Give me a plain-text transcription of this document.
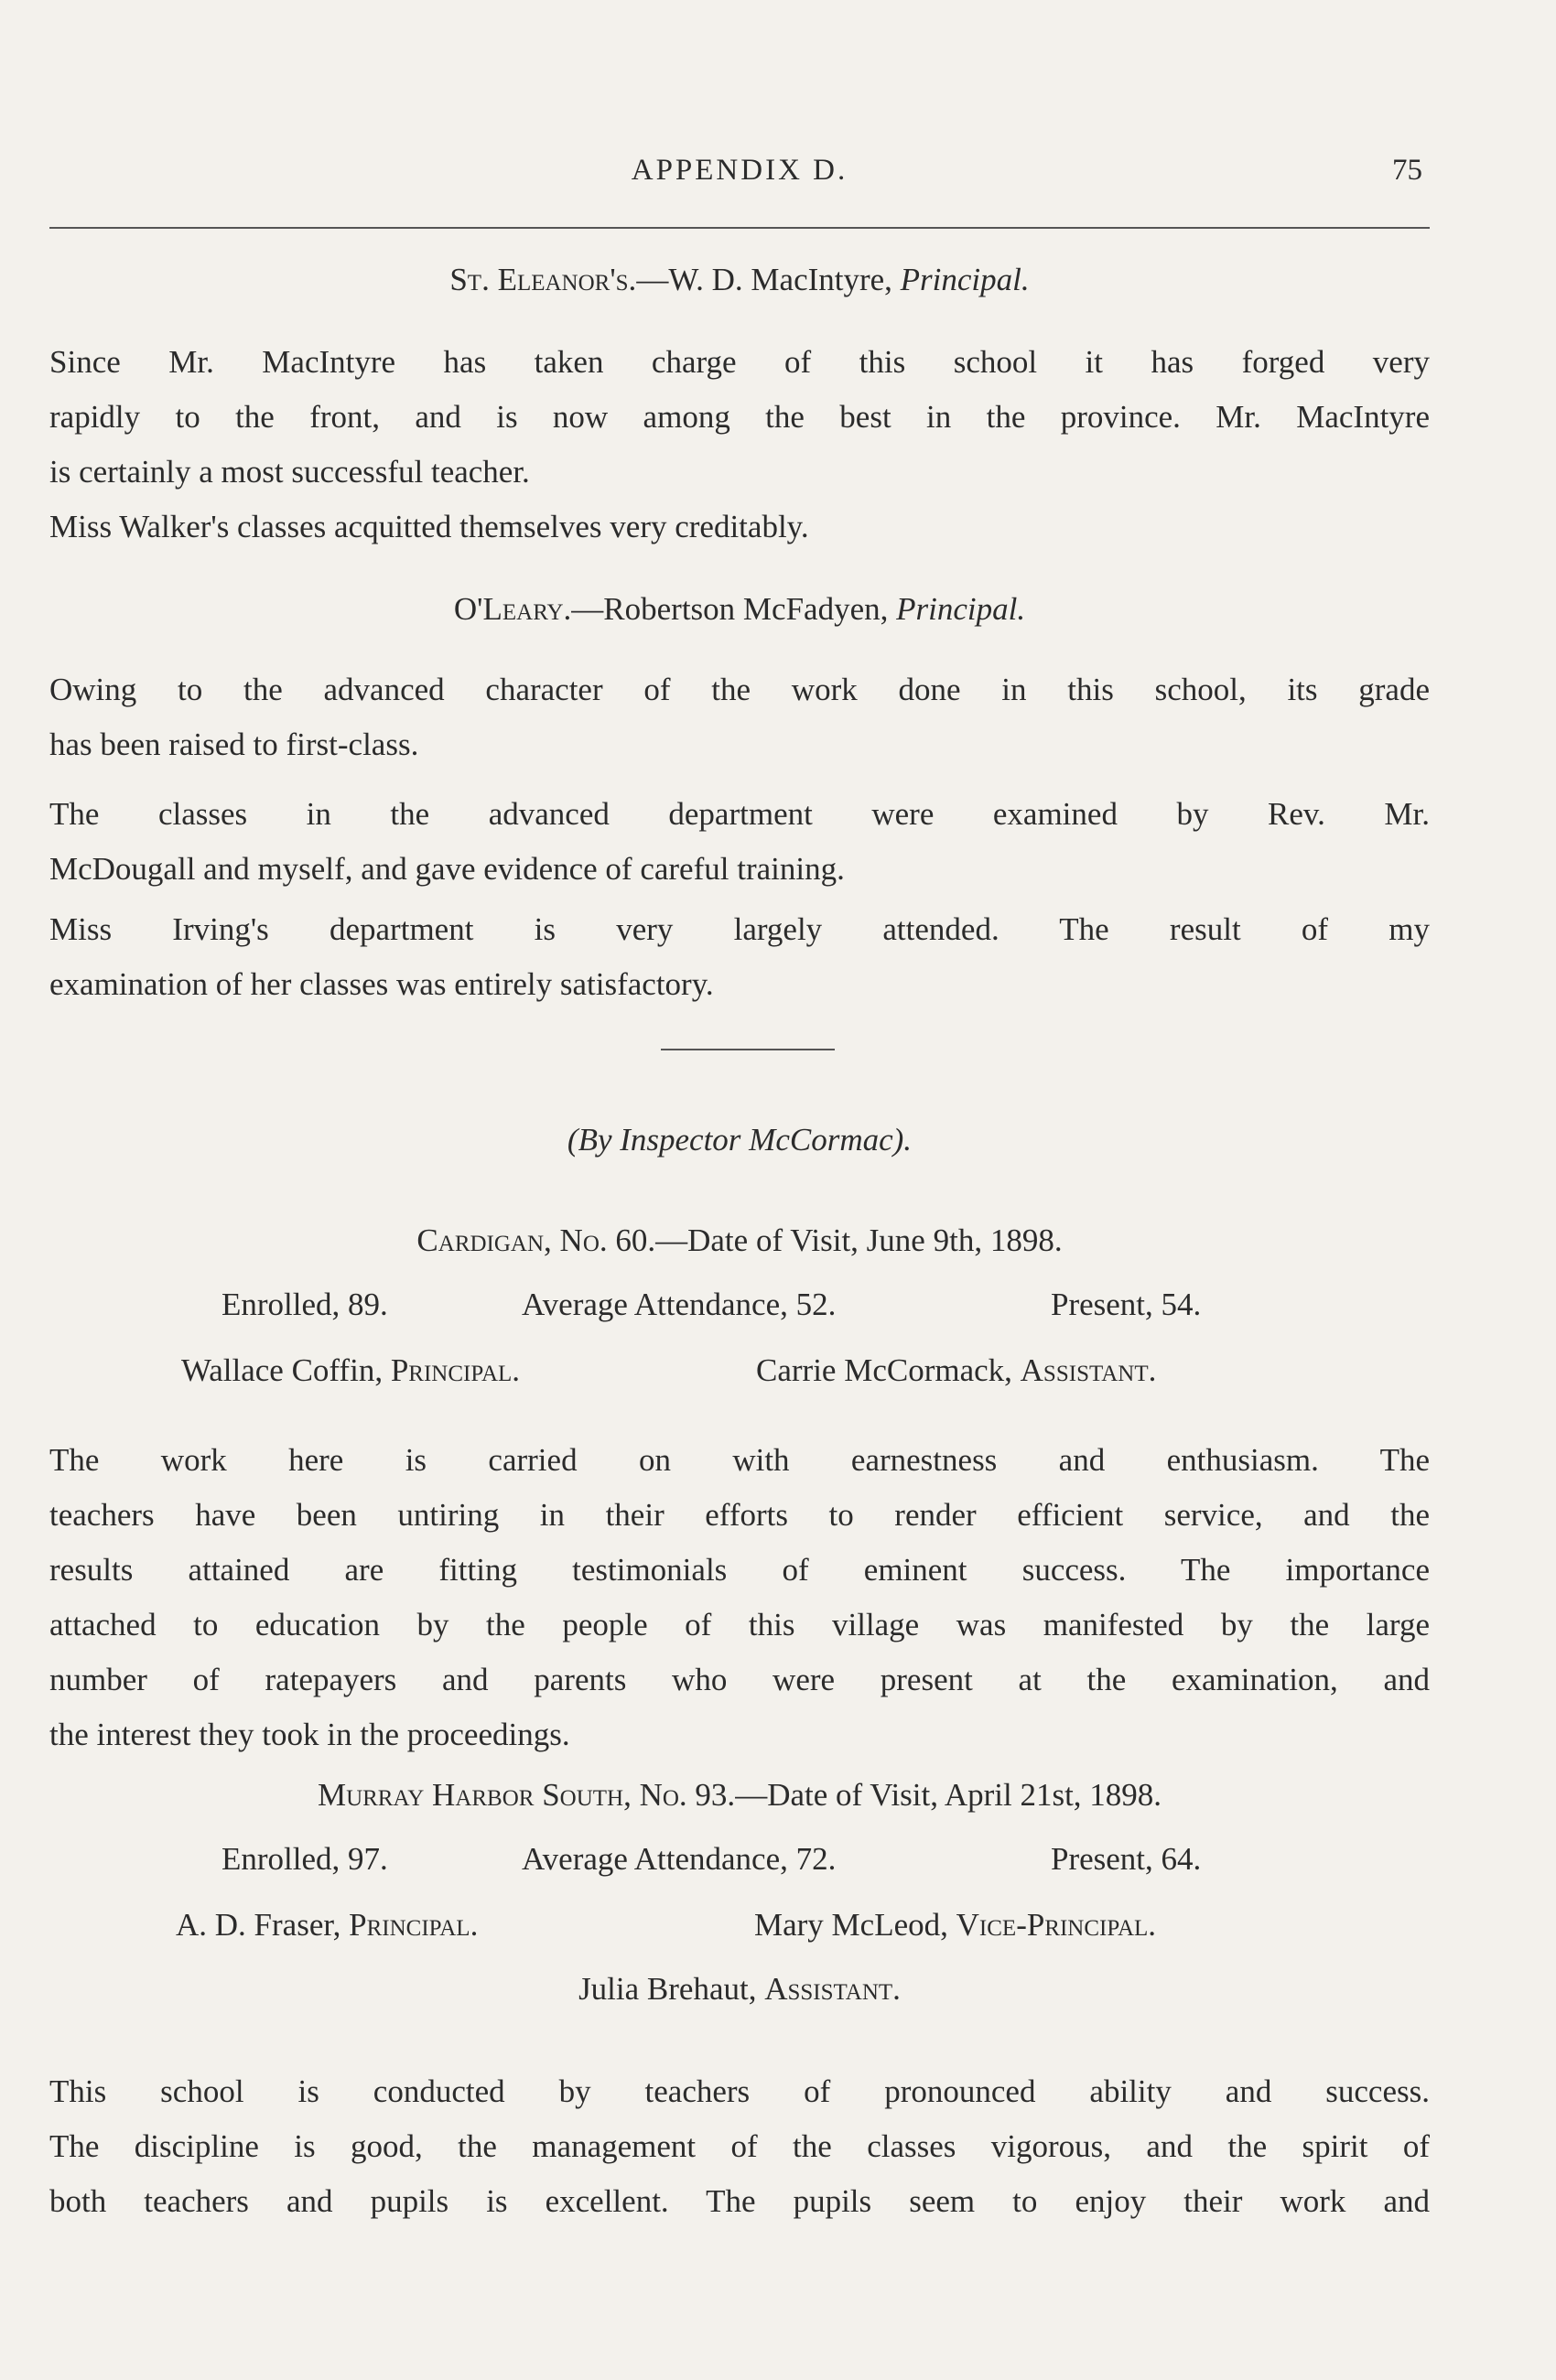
APPENDIX D.	75
St. Eleanor's.—W. D. MacIntyre, Principal.
Since Mr. MacIntyre has taken charge of this school it has forged very
rapidly to the front, and is now among the best in the province. Mr. MacIntyre
is certainly a most successful teacher.
Miss Walker's classes acquitted themselves very creditably.
O'Leary.—Robertson McFadyen, Principal.
Owing to the advanced character of the work done in this school, its grade
has been raised to first-class.
The classes in the advanced department were examined by Rev. Mr.
McDougall and myself, and gave evidence of careful training.
Miss Irving's department is very largely attended. The result of my
examination of her classes was entirely satisfactory.
(By Inspector McCormac).
Cardigan, No. 60.—Date of Visit, June 9th, 1898.
Enrolled, 89.	Average Attendance, 52.	Present, 54.
Wallace Coffin, Principal.	Carrie McCormack, Assistant.
The work here is carried on with earnestness and enthusiasm. The
teachers have been untiring in their efforts to render efficient service, and the
results attained are fitting testimonials of eminent success. The importance
attached to education by the people of this village was manifested by the large
number of ratepayers and parents who were present at the examination, and
the interest they took in the proceedings.
Murray Harbor South, No. 93.—Date of Visit, April 21st, 1898.
Enrolled, 97.	Average Attendance, 72.	Present, 64.
A. D. Fraser, Principal.	Mary McLeod, Vice-Principal.
Julia Brehaut, Assistant.
This school is conducted by teachers of pronounced ability and success.
The discipline is good, the management of the classes vigorous, and the spirit of
both teachers and pupils is excellent. The pupils seem to enjoy their work and
